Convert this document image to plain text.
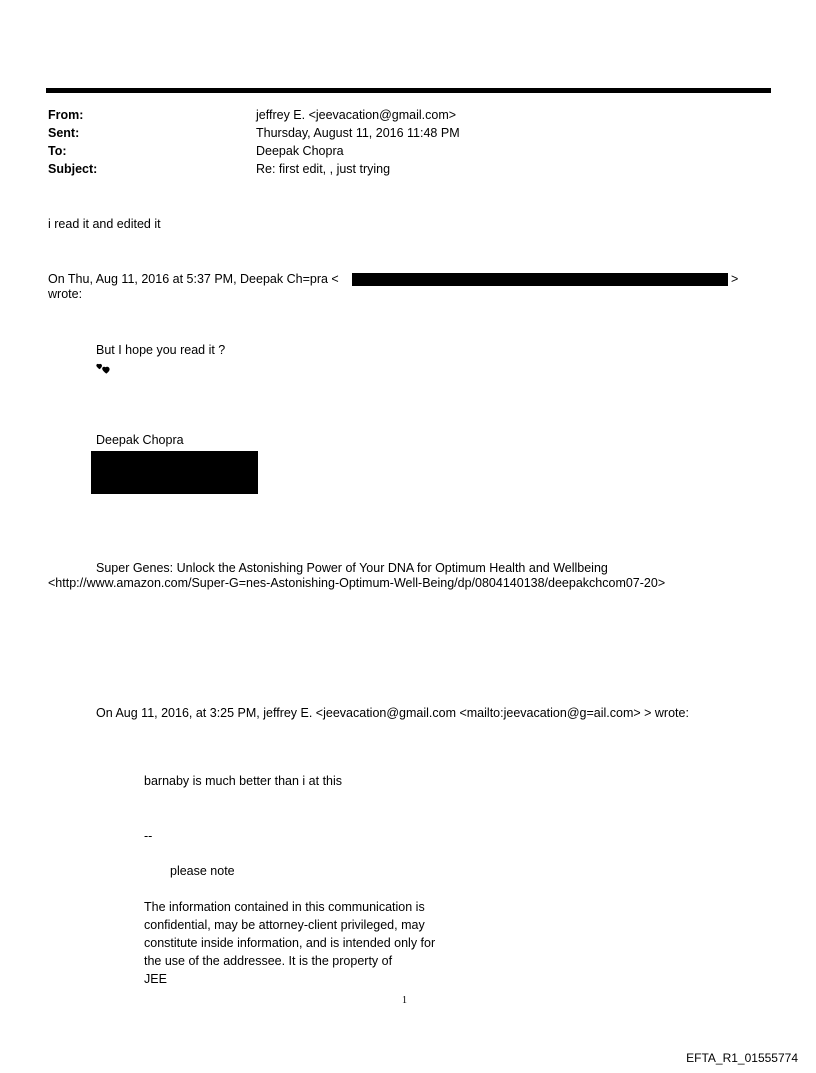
From:	jeffrey E. <jeevacation@gmail.com>
Sent:	Thursday, August 11, 2016 11:48 PM
To:	Deepak Chopra
Subject:	Re: first edit, , just trying
i read it and edited it
On Thu, Aug 11, 2016 at 5:37 PM, Deepak Ch=pra <	>
wrote:
But I hope you read it ?
Deepak Chopra
Super Genes: Unlock the Astonishing Power of Your DNA for Optimum Health and Wellbeing
<http://www.amazon.com/Super-G=nes-Astonishing-Optimum-Well-Being/dp/0804140138/deepakchcom07-20>
On Aug 11, 2016, at 3:25 PM, jeffrey E. <jeevacation@gmail.com <mailto:jeevacation@g=ail.com> > wrote:
barnaby is much better than i at this
--
please note
The information contained in this communication is
confidential, may be attorney-client privileged, may
constitute inside information, and is intended only for
the use of the addressee. It is the property of
JEE
1
EFTA_R1_01555774
